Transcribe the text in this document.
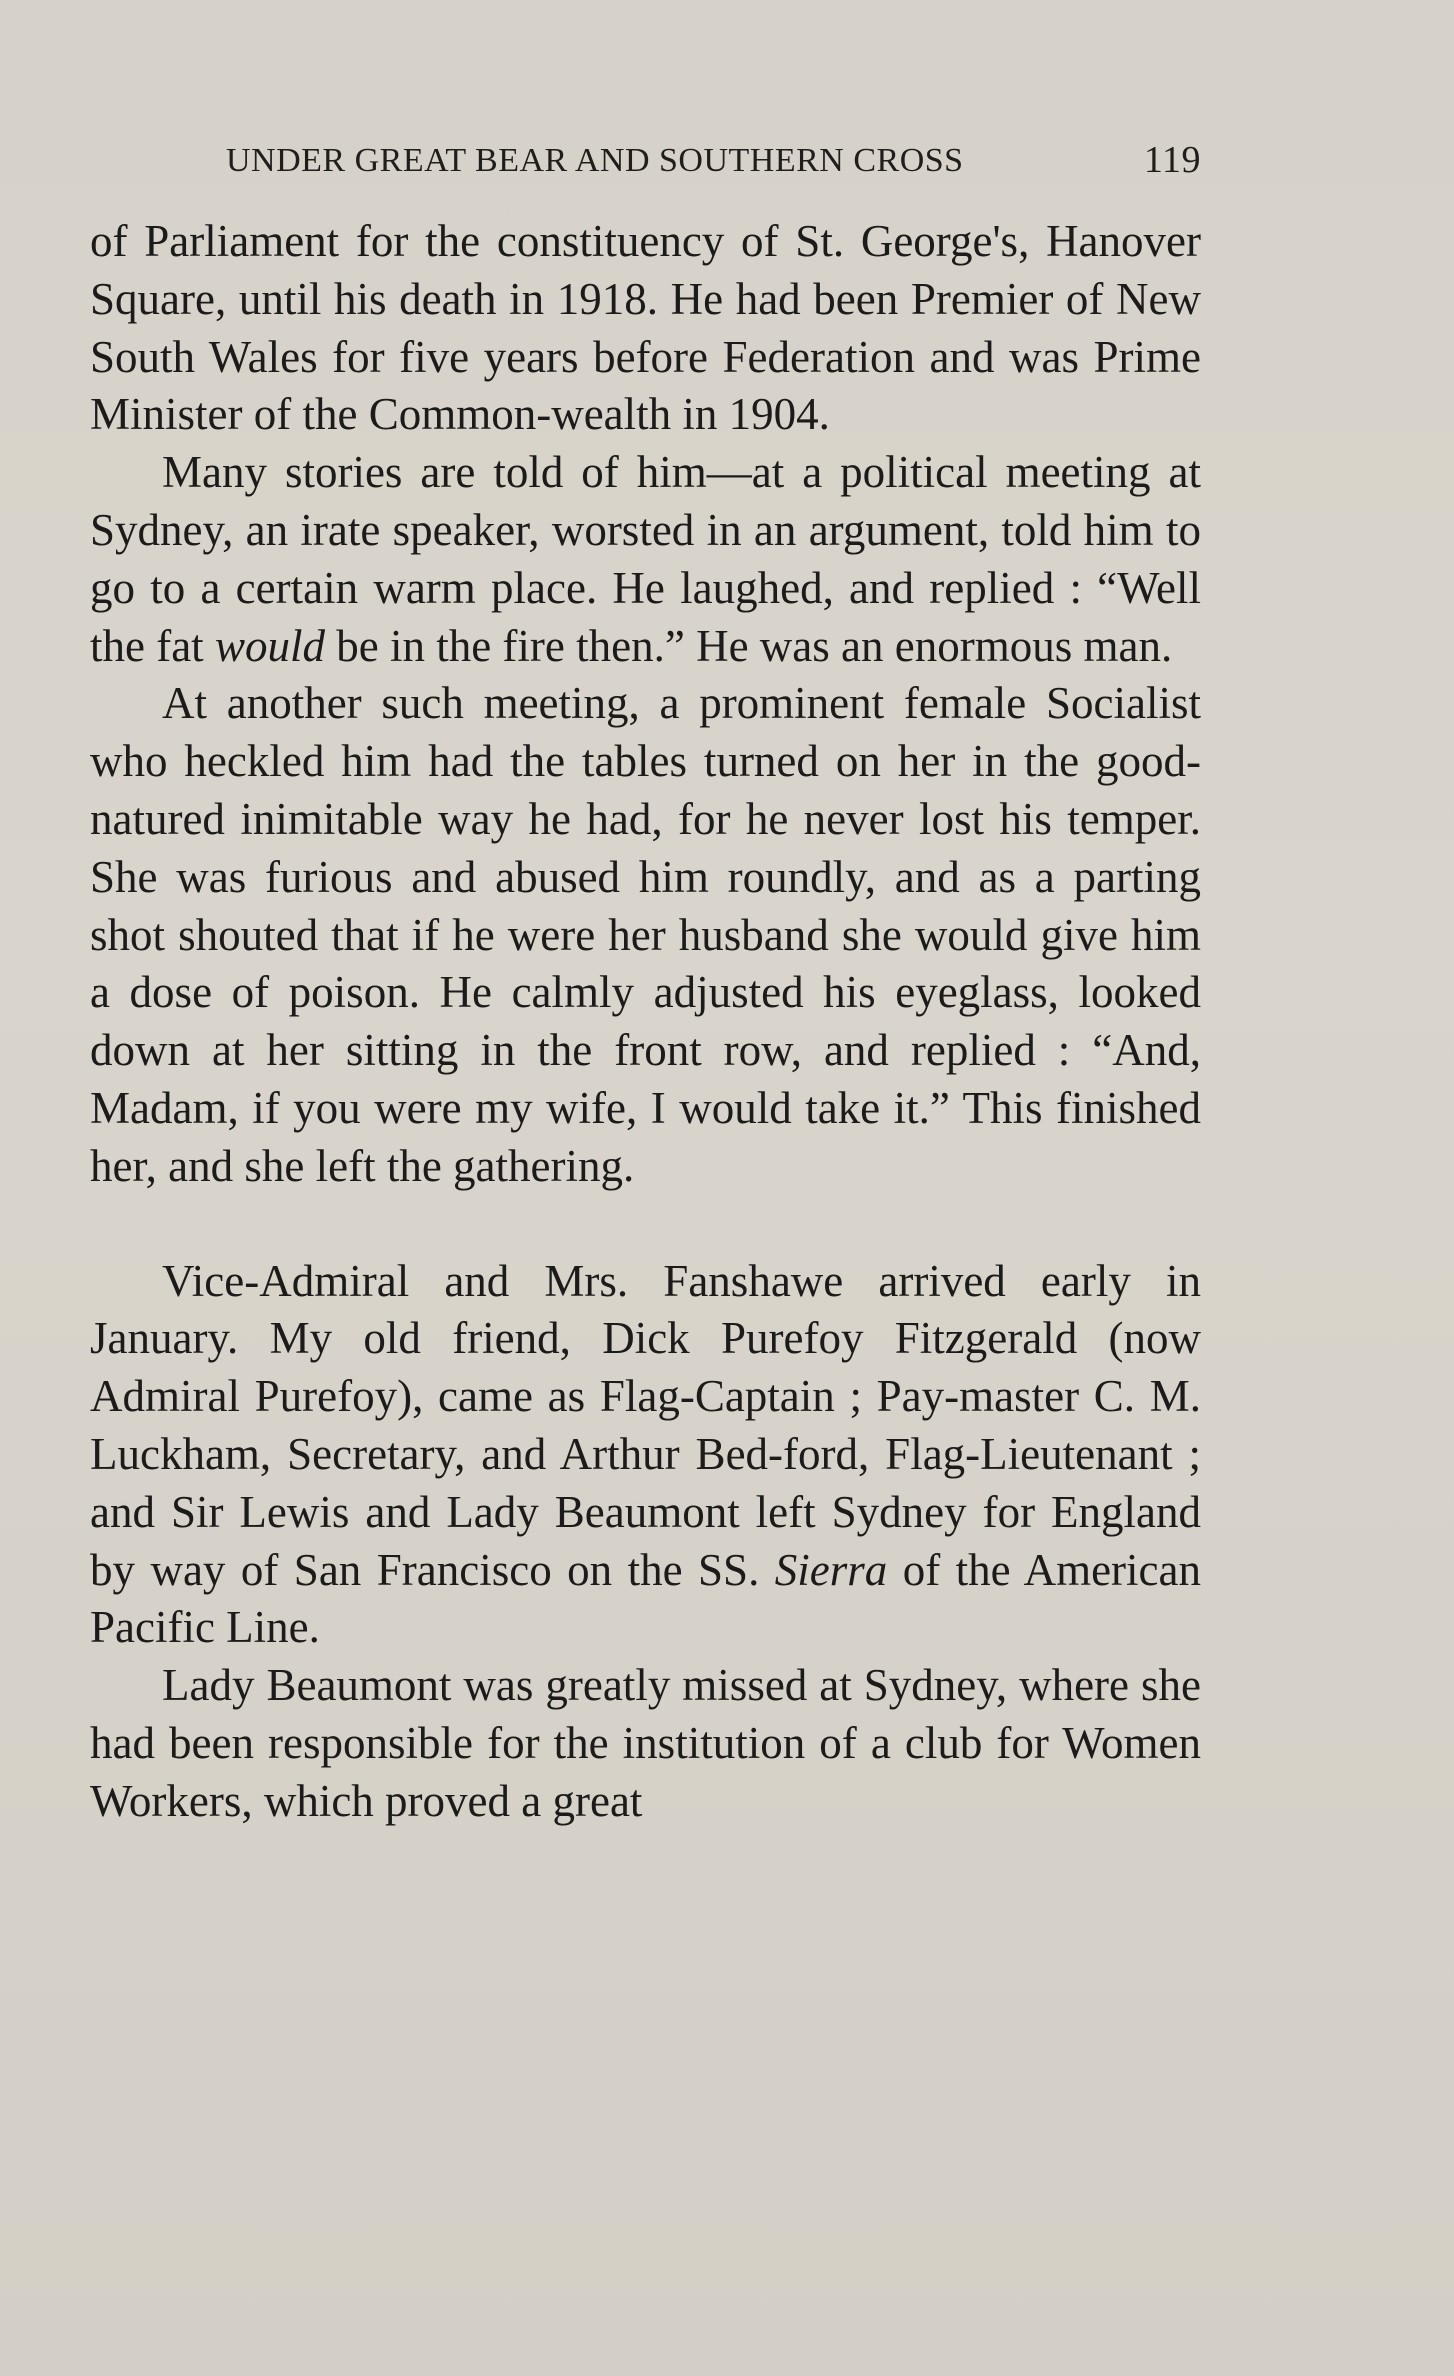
UNDER GREAT BEAR AND SOUTHERN CROSS	119

of Parliament for the constituency of St. George's, Hanover Square, until his death in 1918. He had been Premier of New South Wales for five years before Federation and was Prime Minister of the Common-wealth in 1904.

Many stories are told of him—at a political meeting at Sydney, an irate speaker, worsted in an argument, told him to go to a certain warm place. He laughed, and replied : “Well the fat would be in the fire then.” He was an enormous man.

At another such meeting, a prominent female Socialist who heckled him had the tables turned on her in the good-natured inimitable way he had, for he never lost his temper. She was furious and abused him roundly, and as a parting shot shouted that if he were her husband she would give him a dose of poison. He calmly adjusted his eyeglass, looked down at her sitting in the front row, and replied : “And, Madam, if you were my wife, I would take it.” This finished her, and she left the gathering.

Vice-Admiral and Mrs. Fanshawe arrived early in January. My old friend, Dick Purefoy Fitzgerald (now Admiral Purefoy), came as Flag-Captain ; Pay-master C. M. Luckham, Secretary, and Arthur Bed-ford, Flag-Lieutenant ; and Sir Lewis and Lady Beaumont left Sydney for England by way of San Francisco on the SS. Sierra of the American Pacific Line.

Lady Beaumont was greatly missed at Sydney, where she had been responsible for the institution of a club for Women Workers, which proved a great
